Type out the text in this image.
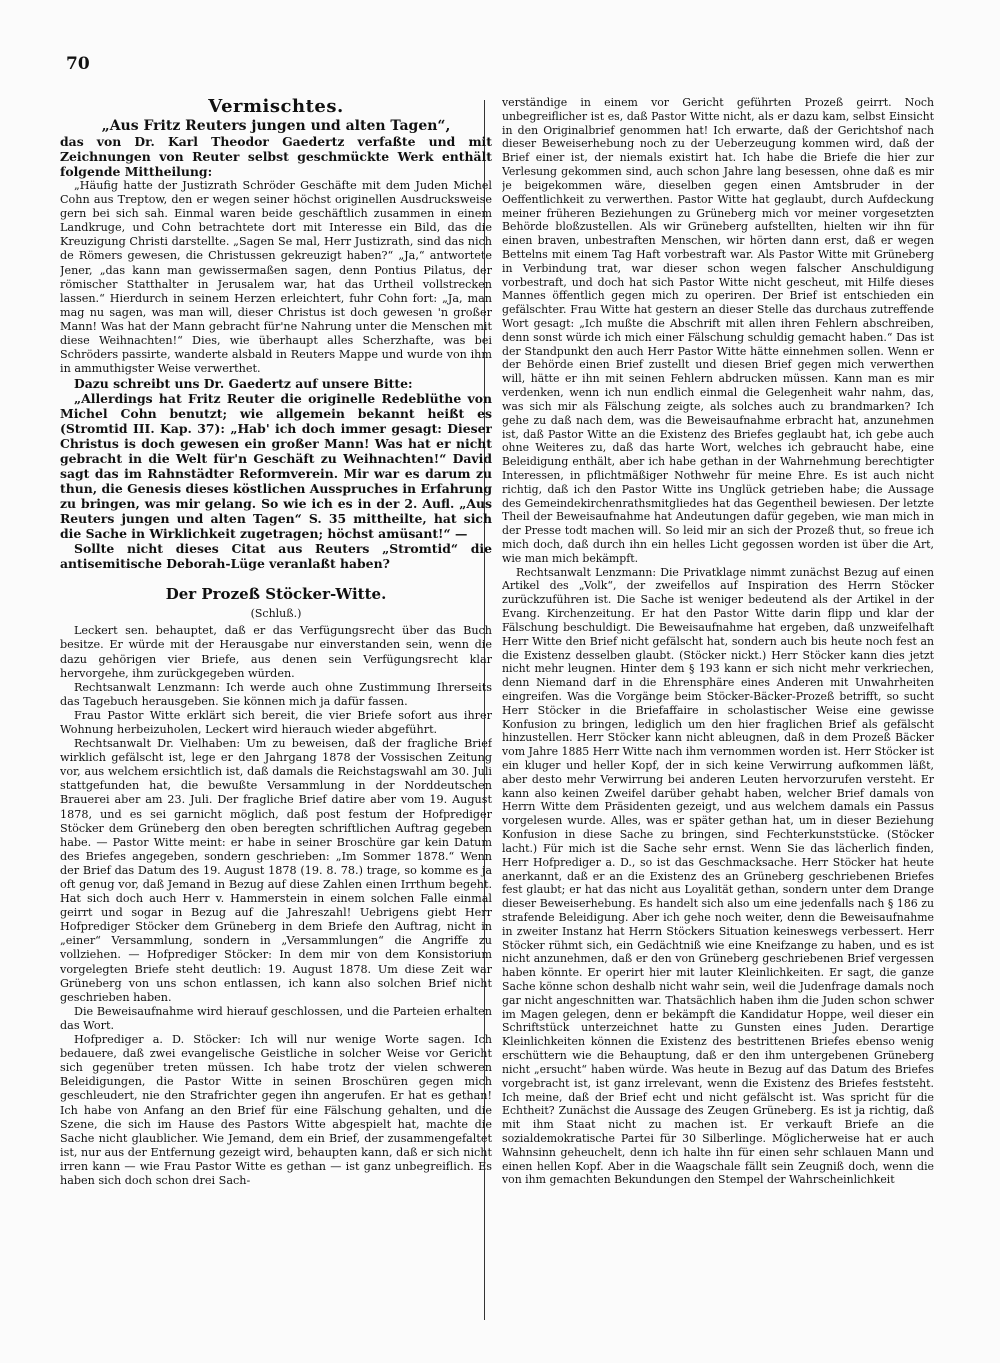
70
Vermischtes.

„Aus Fritz Reuters jungen und alten Tagen“,

das von Dr. Karl Theodor Gaedertz verfaßte und mit Zeichnungen von Reuter selbst geschmückte Werk enthält folgende Mittheilung:

„Häufig hatte der Justizrath Schröder Geschäfte mit dem Juden Michel Cohn aus Treptow, den er wegen seiner höchst originellen Ausdrucksweise gern bei sich sah. Einmal waren beide geschäftlich zusammen in einem Landkruge, und Cohn betrachtete dort mit Interesse ein Bild, das die Kreuzigung Christi darstellte. „Sagen Se mal, Herr Justizrath, sind das nich de Römers gewesen, die Christussen gekreuzigt haben?“ „Ja,“ antwortete Jener, „das kann man gewissermaßen sagen, denn Pontius Pilatus, der römischer Statthalter in Jerusalem war, hat das Urtheil vollstrecken lassen.“ Hierdurch in seinem Herzen erleichtert, fuhr Cohn fort: „Ja, man mag nu sagen, was man will, dieser Christus ist doch gewesen 'n großer Mann! Was hat der Mann gebracht für'ne Nahrung unter die Menschen mit diese Weihnachten!“ Dies, wie überhaupt alles Scherzhafte, was bei Schröders passirte, wanderte alsbald in Reuters Mappe und wurde von ihm in ammuthigster Weise verwerthet.

Dazu schreibt uns Dr. Gaedertz auf unsere Bitte:

„Allerdings hat Fritz Reuter die originelle Redeblüthe von Michel Cohn benutzt; wie allgemein bekannt heißt es (Stromtid III. Kap. 37): „Hab' ich doch immer gesagt: Dieser Christus is doch gewesen ein großer Mann! Was hat er nicht gebracht in die Welt für'n Geschäft zu Weihnachten!“ David sagt das im Rahnstädter Reformverein. Mir war es darum zu thun, die Genesis dieses köstlichen Ausspruches in Erfahrung zu bringen, was mir gelang. So wie ich es in der 2. Aufl. „Aus Reuters jungen und alten Tagen“ S. 35 mittheilte, hat sich die Sache in Wirklichkeit zugetragen; höchst amüsant!“ —

Sollte nicht dieses Citat aus Reuters „Stromtid“ die antisemitische Deborah-Lüge veranlaßt haben?

Der Prozeß Stöcker-Witte.
(Schluß.)

Leckert sen. behauptet, daß er das Verfügungsrecht über das Buch besitze. Er würde mit der Herausgabe nur einverstanden sein, wenn die dazu gehörigen vier Briefe, aus denen sein Verfügungsrecht klar hervorgehe, ihm zurückgegeben würden.

Rechtsanwalt Lenzmann: Ich werde auch ohne Zustimmung Ihrerseits das Tagebuch herausgeben. Sie können mich ja dafür fassen.

Frau Pastor Witte erklärt sich bereit, die vier Briefe sofort aus ihrer Wohnung herbeizuholen, Leckert wird hierauch wieder abgeführt.

Rechtsanwalt Dr. Vielhaben: Um zu beweisen, daß der fragliche Brief wirklich gefälscht ist, lege er den Jahrgang 1878 der Vossischen Zeitung vor, aus welchem ersichtlich ist, daß damals die Reichstagswahl am 30. Juli stattgefunden hat, die bewußte Versammlung in der Norddeutschen Brauerei aber am 23. Juli. Der fragliche Brief datire aber vom 19. August 1878, und es sei garnicht möglich, daß post festum der Hofprediger Stöcker dem Grüneberg den oben beregten schriftlichen Auftrag gegeben habe. — Pastor Witte meint: er habe in seiner Broschüre gar kein Datum des Briefes angegeben, sondern geschrieben: „Im Sommer 1878.“ Wenn der Brief das Datum des 19. August 1878 (19. 8. 78.) trage, so komme es ja oft genug vor, daß Jemand in Bezug auf diese Zahlen einen Irrthum begeht. Hat sich doch auch Herr v. Hammerstein in einem solchen Falle einmal geirrt und sogar in Bezug auf die Jahreszahl! Uebrigens giebt Herr Hofprediger Stöcker dem Grüneberg in dem Briefe den Auftrag, nicht in „einer“ Versammlung, sondern in „Versammlungen“ die Angriffe zu vollziehen. — Hofprediger Stöcker: In dem mir von dem Konsistorium vorgelegten Briefe steht deutlich: 19. August 1878. Um diese Zeit war Grüneberg von uns schon entlassen, ich kann also solchen Brief nicht geschrieben haben.

Die Beweisaufnahme wird hierauf geschlossen, und die Parteien erhalten das Wort.

Hofprediger a. D. Stöcker: Ich will nur wenige Worte sagen. Ich bedauere, daß zwei evangelische Geistliche in solcher Weise vor Gericht sich gegenüber treten müssen. Ich habe trotz der vielen schweren Beleidigungen, die Pastor Witte in seinen Broschüren gegen mich geschleudert, nie den Strafrichter gegen ihn angerufen. Er hat es gethan! Ich habe von Anfang an den Brief für eine Fälschung gehalten, und die Szene, die sich im Hause des Pastors Witte abgespielt hat, machte die Sache nicht glaublicher. Wie Jemand, dem ein Brief, der zusammengefaltet ist, nur aus der Entfernung gezeigt wird, behaupten kann, daß er sich nicht irren kann — wie Frau Pastor Witte es gethan — ist ganz unbegreiflich. Es haben sich doch schon drei Sach-

verständige in einem vor Gericht geführten Prozeß geirrt. Noch unbegreiflicher ist es, daß Pastor Witte nicht, als er dazu kam, selbst Einsicht in den Originalbrief genommen hat! Ich erwarte, daß der Gerichtshof nach dieser Beweiserhebung noch zu der Ueberzeugung kommen wird, daß der Brief einer ist, der niemals existirt hat. Ich habe die Briefe die hier zur Verlesung gekommen sind, auch schon Jahre lang besessen, ohne daß es mir je beigekommen wäre, dieselben gegen einen Amtsbruder in der Oeffentlichkeit zu verwerthen. Pastor Witte hat geglaubt, durch Aufdeckung meiner früheren Beziehungen zu Grüneberg mich vor meiner vorgesetzten Behörde bloßzustellen. Als wir Grüneberg aufstellten, hielten wir ihn für einen braven, unbestraften Menschen, wir hörten dann erst, daß er wegen Bettelns mit einem Tag Haft vorbestraft war. Als Pastor Witte mit Grüneberg in Verbindung trat, war dieser schon wegen falscher Anschuldigung vorbestraft, und doch hat sich Pastor Witte nicht gescheut, mit Hilfe dieses Mannes öffentlich gegen mich zu operiren. Der Brief ist entschieden ein gefälschter. Frau Witte hat gestern an dieser Stelle das durchaus zutreffende Wort gesagt: „Ich mußte die Abschrift mit allen ihren Fehlern abschreiben, denn sonst würde ich mich einer Fälschung schuldig gemacht haben.“ Das ist der Standpunkt den auch Herr Pastor Witte hätte einnehmen sollen. Wenn er der Behörde einen Brief zustellt und diesen Brief gegen mich verwerthen will, hätte er ihn mit seinen Fehlern abdrucken müssen. Kann man es mir verdenken, wenn ich nun endlich einmal die Gelegenheit wahr nahm, das, was sich mir als Fälschung zeigte, als solches auch zu brandmarken? Ich gehe zu daß nach dem, was die Beweisaufnahme erbracht hat, anzunehmen ist, daß Pastor Witte an die Existenz des Briefes geglaubt hat, ich gebe auch ohne Weiteres zu, daß das harte Wort, welches ich gebraucht habe, eine Beleidigung enthält, aber ich habe gethan in der Wahrnehmung berechtigter Interessen, in pflichtmäßiger Nothwehr für meine Ehre. Es ist auch nicht richtig, daß ich den Pastor Witte ins Unglück getrieben habe; die Aussage des Gemeindekirchenrathsmitgliedes hat das Gegentheil bewiesen. Der letzte Theil der Beweisaufnahme hat Andeutungen dafür gegeben, wie man mich in der Presse todt machen will. So leid mir an sich der Prozeß thut, so freue ich mich doch, daß durch ihn ein helles Licht gegossen worden ist über die Art, wie man mich bekämpft.

Rechtsanwalt Lenzmann: Die Privatklage nimmt zunächst Bezug auf einen Artikel des „Volk“, der zweifellos auf Inspiration des Herrn Stöcker zurückzuführen ist. Die Sache ist weniger bedeutend als der Artikel in der Evang. Kirchenzeitung. Er hat den Pastor Witte darin flipp und klar der Fälschung beschuldigt. Die Beweisaufnahme hat ergeben, daß unzweifelhaft Herr Witte den Brief nicht gefälscht hat, sondern auch bis heute noch fest an die Existenz desselben glaubt. (Stöcker nickt.) Herr Stöcker kann dies jetzt nicht mehr leugnen. Hinter dem § 193 kann er sich nicht mehr verkriechen, denn Niemand darf in die Ehrensphäre eines Anderen mit Unwahrheiten eingreifen. Was die Vorgänge beim Stöcker-Bäcker-Prozeß betrifft, so sucht Herr Stöcker in die Briefaffaire in scholastischer Weise eine gewisse Konfusion zu bringen, lediglich um den hier fraglichen Brief als gefälscht hinzustellen. Herr Stöcker kann nicht ableugnen, daß in dem Prozeß Bäcker vom Jahre 1885 Herr Witte nach ihm vernommen worden ist. Herr Stöcker ist ein kluger und heller Kopf, der in sich keine Verwirrung aufkommen läßt, aber desto mehr Verwirrung bei anderen Leuten hervorzurufen versteht. Er kann also keinen Zweifel darüber gehabt haben, welcher Brief damals von Herrn Witte dem Präsidenten gezeigt, und aus welchem damals ein Passus vorgelesen wurde. Alles, was er später gethan hat, um in dieser Beziehung Konfusion in diese Sache zu bringen, sind Fechterkunststücke. (Stöcker lacht.) Für mich ist die Sache sehr ernst. Wenn Sie das lächerlich finden, Herr Hofprediger a. D., so ist das Geschmacksache. Herr Stöcker hat heute anerkannt, daß er an die Existenz des an Grüneberg geschriebenen Briefes fest glaubt; er hat das nicht aus Loyalität gethan, sondern unter dem Drange dieser Beweiserhebung. Es handelt sich also um eine jedenfalls nach § 186 zu strafende Beleidigung. Aber ich gehe noch weiter, denn die Beweisaufnahme in zweiter Instanz hat Herrn Stöckers Situation keineswegs verbessert. Herr Stöcker rühmt sich, ein Gedächtniß wie eine Kneifzange zu haben, und es ist nicht anzunehmen, daß er den von Grüneberg geschriebenen Brief vergessen haben könnte. Er operirt hier mit lauter Kleinlichkeiten. Er sagt, die ganze Sache könne schon deshalb nicht wahr sein, weil die Judenfrage damals noch gar nicht angeschnitten war. Thatsächlich haben ihm die Juden schon schwer im Magen gelegen, denn er bekämpft die Kandidatur Hoppe, weil dieser ein Schriftstück unterzeichnet hatte zu Gunsten eines Juden. Derartige Kleinlichkeiten können die Existenz des bestrittenen Briefes ebenso wenig erschüttern wie die Behauptung, daß er den ihm untergebenen Grüneberg nicht „ersucht“ haben würde. Was heute in Bezug auf das Datum des Briefes vorgebracht ist, ist ganz irrelevant, wenn die Existenz des Briefes feststeht. Ich meine, daß der Brief echt und nicht gefälscht ist. Was spricht für die Echtheit? Zunächst die Aussage des Zeugen Grüneberg. Es ist ja richtig, daß mit ihm Staat nicht zu machen ist. Er verkauft Briefe an die sozialdemokratische Partei für 30 Silberlinge. Möglicherweise hat er auch Wahnsinn geheuchelt, denn ich halte ihn für einen sehr schlauen Mann und einen hellen Kopf. Aber in die Waagschale fällt sein Zeugniß doch, wenn die von ihm gemachten Bekundungen den Stempel der Wahrscheinlichkeit
